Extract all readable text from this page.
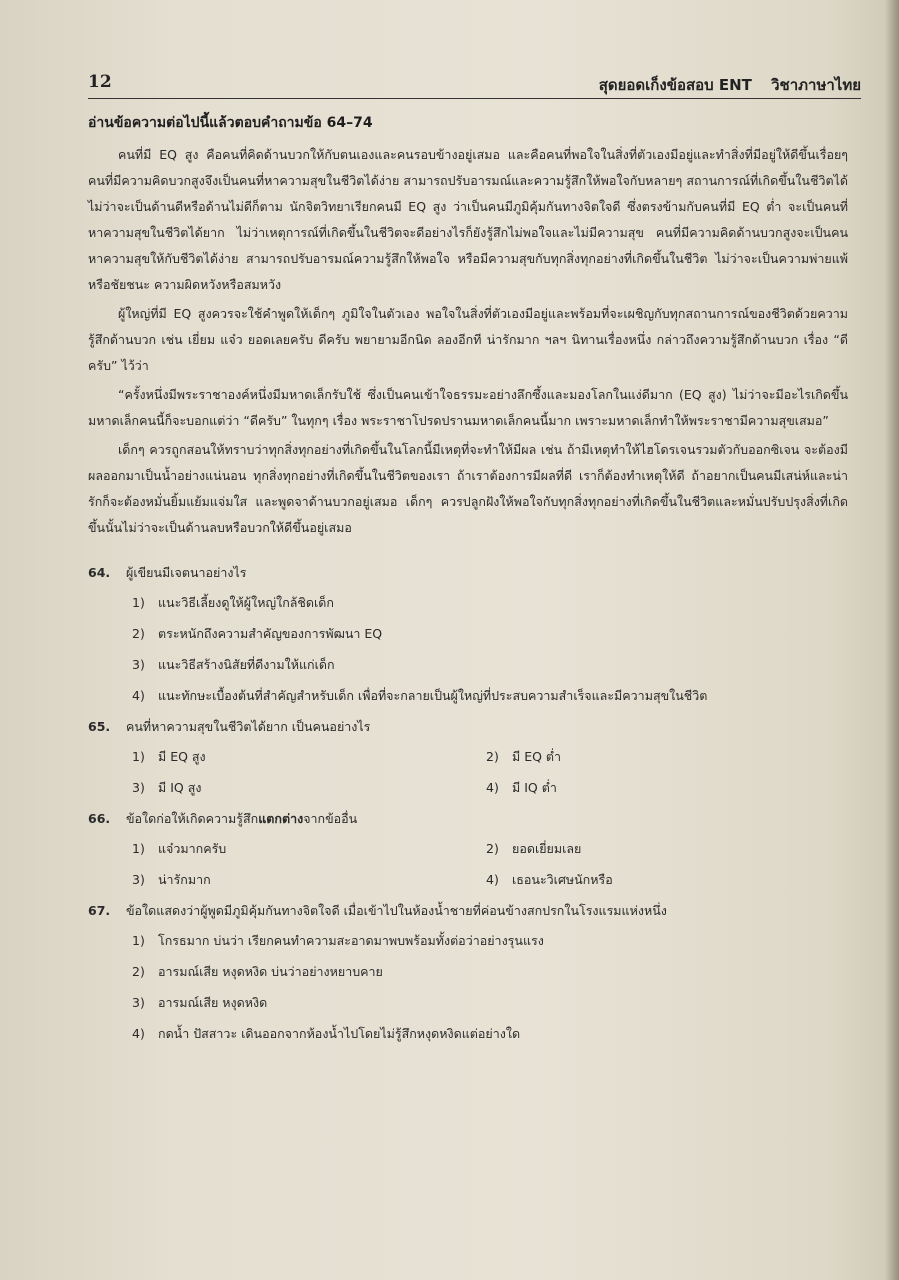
12	สุดยอดเก็งข้อสอบ ENT วิชาภาษาไทย
อ่านข้อความต่อไปนี้แล้วตอบคำถามข้อ 64–74

คนที่มี EQ สูง คือคนที่คิดด้านบวกให้กับตนเองและคนรอบข้างอยู่เสมอ และคือคนที่พอใจในสิ่งที่ตัวเองมีอยู่และทำสิ่งที่มีอยู่ให้ดีขึ้นเรื่อยๆ คนที่มีความคิดบวกสูงจึงเป็นคนที่หาความสุขในชีวิตได้ง่าย สามารถปรับอารมณ์และความรู้สึกให้พอใจกับหลายๆ สถานการณ์ที่เกิดขึ้นในชีวิตได้ ไม่ว่าจะเป็นด้านดีหรือด้านไม่ดีก็ตาม นักจิตวิทยาเรียกคนมี EQ สูง ว่าเป็นคนมีภูมิคุ้มกันทางจิตใจดี ซึ่งตรงข้ามกับคนที่มี EQ ต่ำ จะเป็นคนที่หาความสุขในชีวิตได้ยาก ไม่ว่าเหตุการณ์ที่เกิดขึ้นในชีวิตจะดีอย่างไรก็ยังรู้สึกไม่พอใจและไม่มีความสุข คนที่มีความคิดด้านบวกสูงจะเป็นคนหาความสุขให้กับชีวิตได้ง่าย สามารถปรับอารมณ์ความรู้สึกให้พอใจ หรือมีความสุขกับทุกสิ่งทุกอย่างที่เกิดขึ้นในชีวิต ไม่ว่าจะเป็นความพ่ายแพ้หรือชัยชนะ ความผิดหวังหรือสมหวัง

ผู้ใหญ่ที่มี EQ สูงควรจะใช้คำพูดให้เด็กๆ ภูมิใจในตัวเอง พอใจในสิ่งที่ตัวเองมีอยู่และพร้อมที่จะเผชิญกับทุกสถานการณ์ของชีวิตด้วยความรู้สึกด้านบวก เช่น เยี่ยม แจ๋ว ยอดเลยครับ ดีครับ พยายามอีกนิด ลองอีกที น่ารักมาก ฯลฯ นิทานเรื่องหนึ่ง กล่าวถึงความรู้สึกด้านบวก เรื่อง “ดีครับ” ไว้ว่า

“ครั้งหนึ่งมีพระราชาองค์หนึ่งมีมหาดเล็กรับใช้ ซึ่งเป็นคนเข้าใจธรรมะอย่างลึกซึ้งและมองโลกในแง่ดีมาก (EQ สูง) ไม่ว่าจะมีอะไรเกิดขึ้นมหาดเล็กคนนี้ก็จะบอกแต่ว่า “ดีครับ” ในทุกๆ เรื่อง พระราชาโปรดปรานมหาดเล็กคนนี้มาก เพราะมหาดเล็กทำให้พระราชามีความสุขเสมอ”

เด็กๆ ควรถูกสอนให้ทราบว่าทุกสิ่งทุกอย่างที่เกิดขึ้นในโลกนี้มีเหตุที่จะทำให้มีผล เช่น ถ้ามีเหตุทำให้ไฮโดรเจนรวมตัวกับออกซิเจน จะต้องมีผลออกมาเป็นน้ำอย่างแน่นอน ทุกสิ่งทุกอย่างที่เกิดขึ้นในชีวิตของเรา ถ้าเราต้องการมีผลที่ดี เราก็ต้องทำเหตุให้ดี ถ้าอยากเป็นคนมีเสน่ห์และน่ารักก็จะต้องหมั่นยิ้มแย้มแจ่มใส และพูดจาด้านบวกอยู่เสมอ เด็กๆ ควรปลูกฝังให้พอใจกับทุกสิ่งทุกอย่างที่เกิดขึ้นในชีวิตและหมั่นปรับปรุงสิ่งที่เกิดขึ้นนั้นไม่ว่าจะเป็นด้านลบหรือบวกให้ดีขึ้นอยู่เสมอ

64.	ผู้เขียนมีเจตนาอย่างไร
1)	แนะวิธีเลี้ยงดูให้ผู้ใหญ่ใกล้ชิดเด็ก
2)	ตระหนักถึงความสำคัญของการพัฒนา EQ
3)	แนะวิธีสร้างนิสัยที่ดีงามให้แก่เด็ก
4)	แนะทักษะเบื้องต้นที่สำคัญสำหรับเด็ก เพื่อที่จะกลายเป็นผู้ใหญ่ที่ประสบความสำเร็จและมีความสุขในชีวิต
65.	คนที่หาความสุขในชีวิตได้ยาก เป็นคนอย่างไร
1)	มี EQ สูง	2)	มี EQ ต่ำ
3)	มี IQ สูง	4)	มี IQ ต่ำ
66.	ข้อใดก่อให้เกิดความรู้สึกแตกต่างจากข้ออื่น
1)	แจ๋วมากครับ	2)	ยอดเยี่ยมเลย
3)	น่ารักมาก	4)	เธอนะวิเศษนักหรือ
67.	ข้อใดแสดงว่าผู้พูดมีภูมิคุ้มกันทางจิตใจดี เมื่อเข้าไปในห้องน้ำชายที่ค่อนข้างสกปรกในโรงแรมแห่งหนึ่ง
1)	โกรธมาก บ่นว่า เรียกคนทำความสะอาดมาพบพร้อมทั้งต่อว่าอย่างรุนแรง
2)	อารมณ์เสีย หงุดหงิด บ่นว่าอย่างหยาบคาย
3)	อารมณ์เสีย หงุดหงิด
4)	กดน้ำ ปัสสาวะ เดินออกจากห้องน้ำไปโดยไม่รู้สึกหงุดหงิดแต่อย่างใด
